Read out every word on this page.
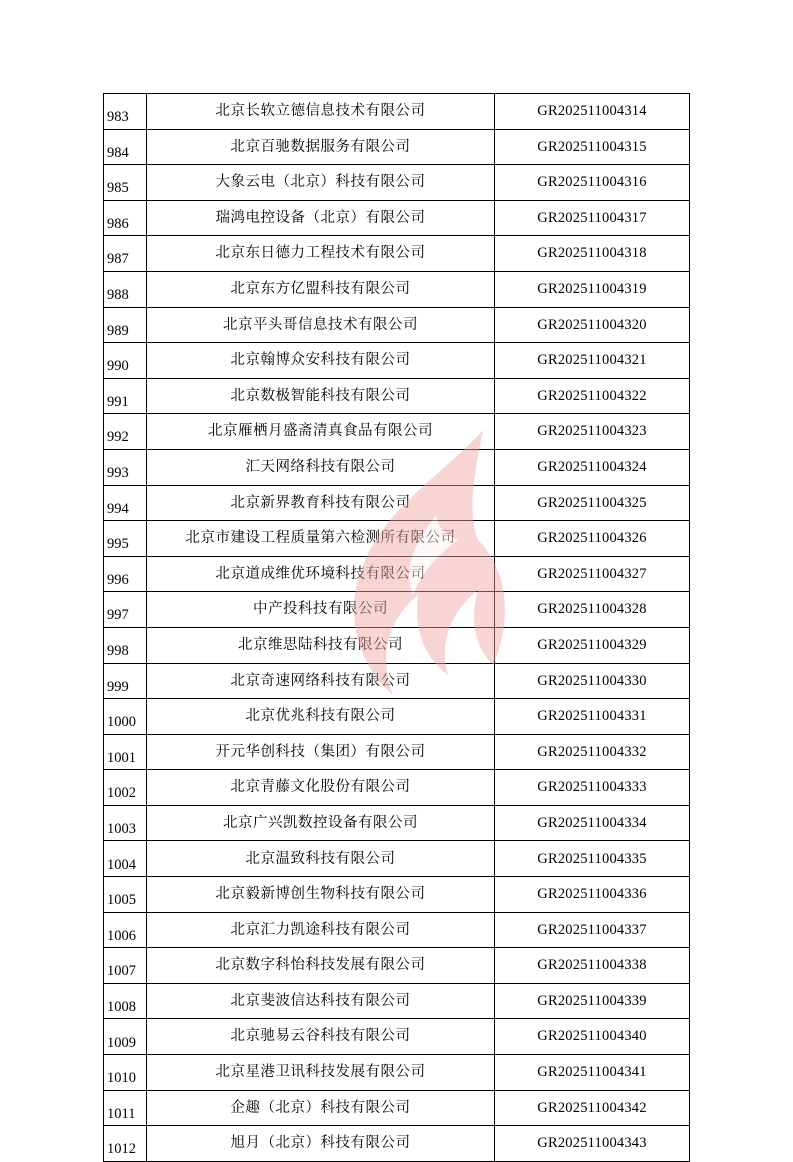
983	北京长软立德信息技术有限公司	GR202511004314
984	北京百驰数据服务有限公司	GR202511004315
985	大象云电（北京）科技有限公司	GR202511004316
986	瑞鸿电控设备（北京）有限公司	GR202511004317
987	北京东日德力工程技术有限公司	GR202511004318
988	北京东方亿盟科技有限公司	GR202511004319
989	北京平头哥信息技术有限公司	GR202511004320
990	北京翰博众安科技有限公司	GR202511004321
991	北京数极智能科技有限公司	GR202511004322
992	北京雁栖月盛斋清真食品有限公司	GR202511004323
993	汇天网络科技有限公司	GR202511004324
994	北京新界教育科技有限公司	GR202511004325
995	北京市建设工程质量第六检测所有限公司	GR202511004326
996	北京道成维优环境科技有限公司	GR202511004327
997	中产投科技有限公司	GR202511004328
998	北京维思陆科技有限公司	GR202511004329
999	北京奇速网络科技有限公司	GR202511004330
1000	北京优兆科技有限公司	GR202511004331
1001	开元华创科技（集团）有限公司	GR202511004332
1002	北京青藤文化股份有限公司	GR202511004333
1003	北京广兴凯数控设备有限公司	GR202511004334
1004	北京温致科技有限公司	GR202511004335
1005	北京毅新博创生物科技有限公司	GR202511004336
1006	北京汇力凯途科技有限公司	GR202511004337
1007	北京数字科怡科技发展有限公司	GR202511004338
1008	北京斐波信达科技有限公司	GR202511004339
1009	北京驰易云谷科技有限公司	GR202511004340
1010	北京星港卫讯科技发展有限公司	GR202511004341
1011	企趣（北京）科技有限公司	GR202511004342
1012	旭月（北京）科技有限公司	GR202511004343
